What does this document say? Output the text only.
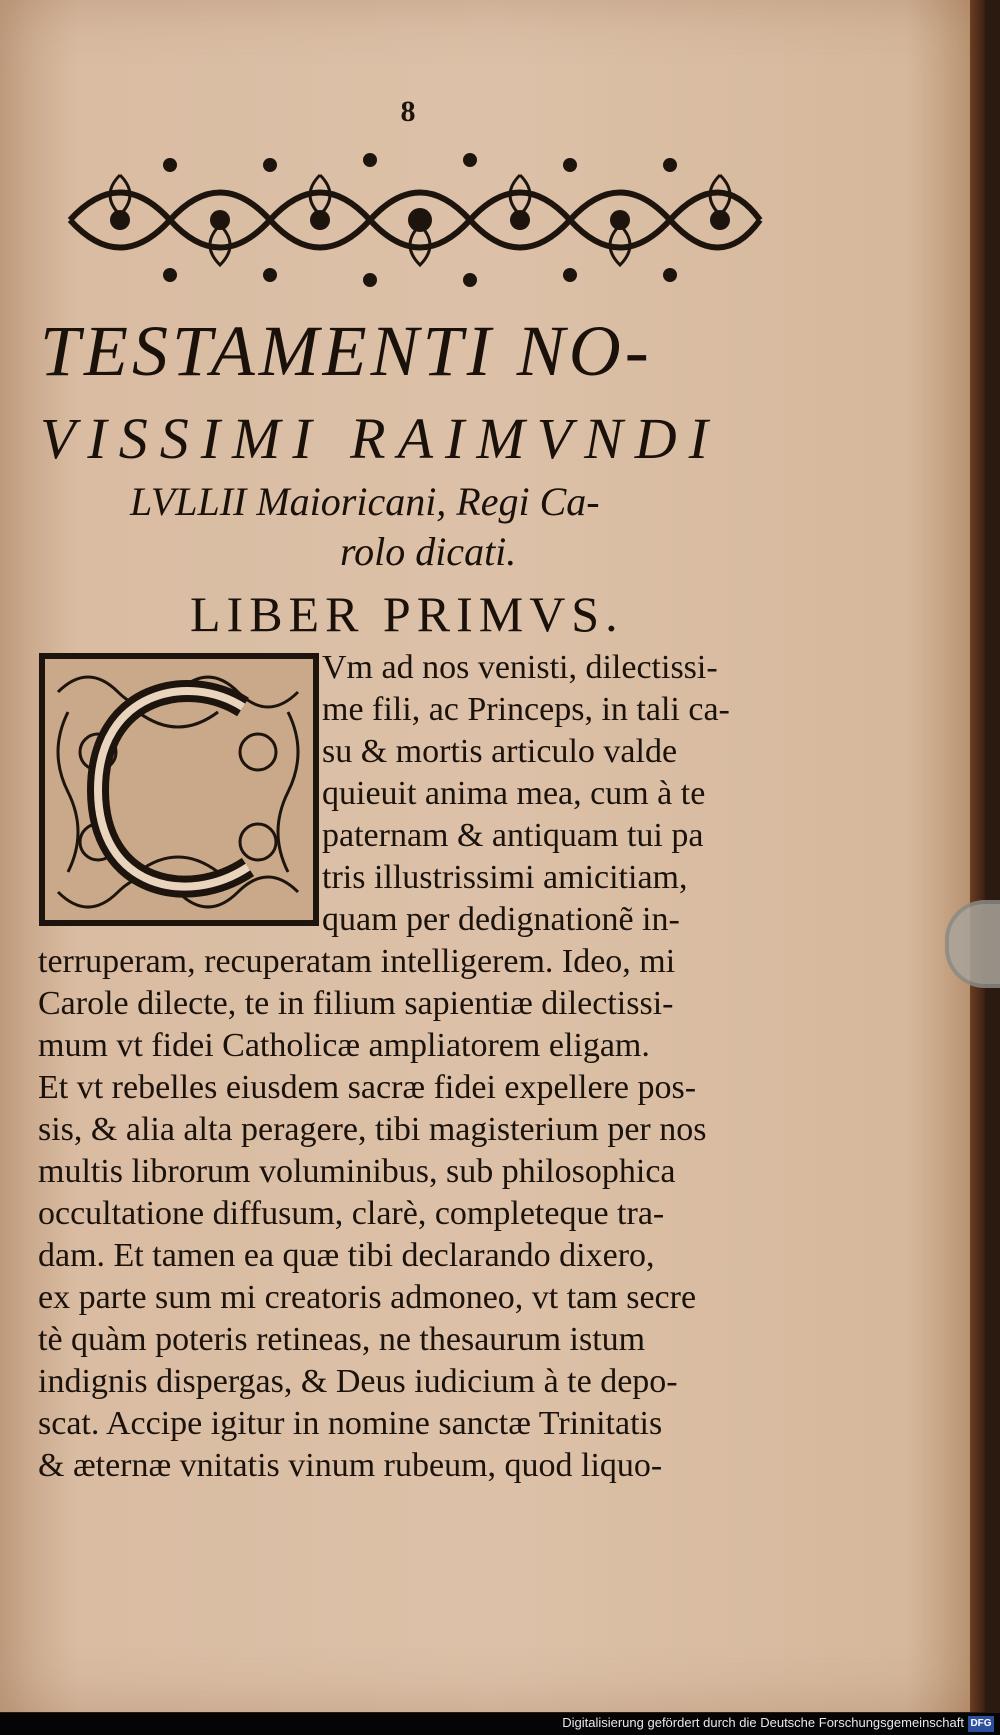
8
TESTAMENTI NO-
VISSIMI RAIMVNDI
LVLLII Maioricani, Regi Ca-
rolo dicati.
LIBER PRIMVS.
C
Vm ad nos venisti, dilectissi-
me fili, ac Princeps, in tali ca-
su & mortis articulo valde
quieuit anima mea, cum à te
paternam & antiquam tui pa
tris illustrissimi amicitiam,
quam per dedignationẽ in-
terruperam, recuperatam intelligerem. Ideo, mi
Carole dilecte, te in filium sapientiæ dilectissi-
mum vt fidei Catholicæ ampliatorem eligam.
Et vt rebelles eiusdem sacræ fidei expellere pos-
sis, & alia alta peragere, tibi magisterium per nos
multis librorum voluminibus, sub philosophica
occultatione diffusum, clarè, completeque tra-
dam. Et tamen ea quæ tibi declarando dixero,
ex parte sum mi creatoris admoneo, vt tam secre
tè quàm poteris retineas, ne thesaurum istum
indignis dispergas, & Deus iudicium à te depo-
scat. Accipe igitur in nomine sanctæ Trinitatis
& æternæ vnitatis vinum rubeum, quod liquo-
Digitalisierung gefördert durch die Deutsche Forschungsgemeinschaft DFG
